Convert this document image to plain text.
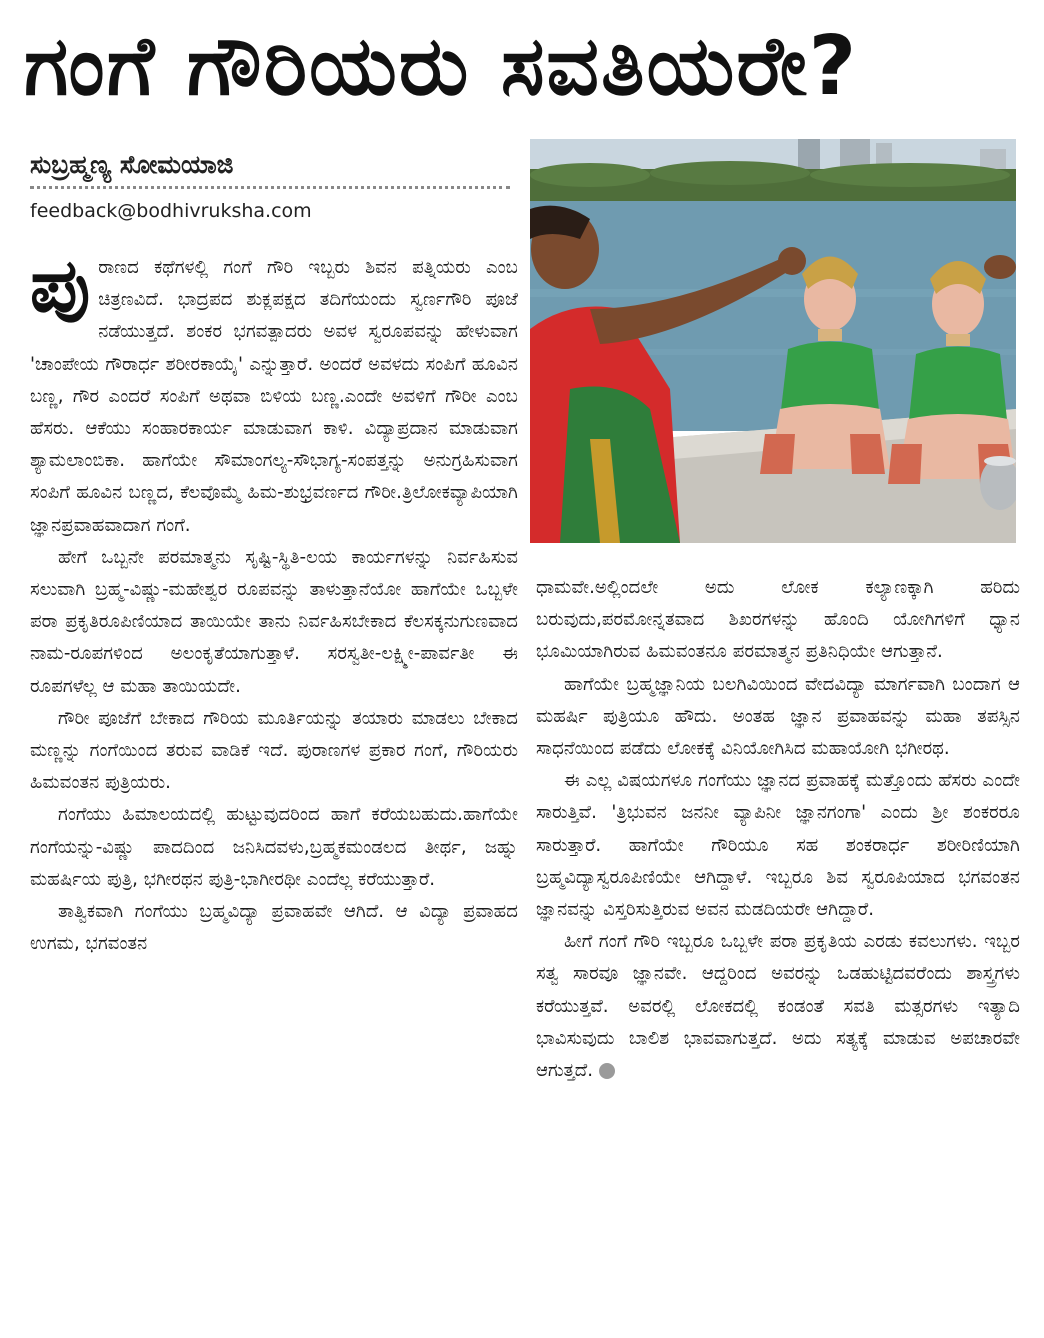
ಗಂಗೆ ಗೌರಿಯರು ಸವತಿಯರೇ?
ಸುಬ್ರಹ್ಮಣ್ಯ ಸೋಮಯಾಜಿ
feedback@bodhivruksha.com

ಪುರಾಣದ ಕಥೆಗಳಲ್ಲಿ ಗಂಗೆ ಗೌರಿ ಇಬ್ಬರು ಶಿವನ ಪತ್ನಿಯರು ಎಂಬ ಚಿತ್ರಣವಿದೆ. ಭಾದ್ರಪದ ಶುಕ್ಲಪಕ್ಷದ ತದಿಗೆಯಂದು ಸ್ವರ್ಣಗೌರಿ ಪೂಜೆ ನಡೆಯುತ್ತದೆ. ಶಂಕರ ಭಗವತ್ಪಾದರು ಅವಳ ಸ್ವರೂಪವನ್ನು ಹೇಳುವಾಗ 'ಚಾಂಪೇಯ ಗೌರಾರ್ಧ ಶರೀರಕಾಯೈ' ಎನ್ನುತ್ತಾರೆ. ಅಂದರೆ ಅವಳದು ಸಂಪಿಗೆ ಹೂವಿನ ಬಣ್ಣ, ಗೌರ ಎಂದರೆ ಸಂಪಿಗೆ ಅಥವಾ ಬಿಳಿಯ ಬಣ್ಣ.ಎಂದೇ ಅವಳಿಗೆ ಗೌರೀ ಎಂಬ ಹೆಸರು. ಆಕೆಯು ಸಂಹಾರಕಾರ್ಯ ಮಾಡುವಾಗ ಕಾಳಿ. ವಿದ್ಯಾಪ್ರದಾನ ಮಾಡುವಾಗ ಶ್ಯಾಮಲಾಂಬಿಕಾ. ಹಾಗೆಯೇ ಸೌಮಾಂಗಲ್ಯ-ಸೌಭಾಗ್ಯ-ಸಂಪತ್ತನ್ನು ಅನುಗ್ರಹಿಸುವಾಗ ಸಂಪಿಗೆ ಹೂವಿನ ಬಣ್ಣದ, ಕೆಲವೊಮ್ಮೆ ಹಿಮ-ಶುಭ್ರವರ್ಣದ ಗೌರೀ.ತ್ರಿಲೋಕವ್ಯಾಪಿಯಾಗಿ ಜ್ಞಾನಪ್ರವಾಹವಾದಾಗ ಗಂಗೆ.

ಹೇಗೆ ಒಬ್ಬನೇ ಪರಮಾತ್ಮನು ಸೃಷ್ಟಿ-ಸ್ಥಿತಿ-ಲಯ ಕಾರ್ಯಗಳನ್ನು ನಿರ್ವಹಿಸುವ ಸಲುವಾಗಿ ಬ್ರಹ್ಮ-ವಿಷ್ಣು-ಮಹೇಶ್ವರ ರೂಪವನ್ನು ತಾಳುತ್ತಾನೆಯೋ ಹಾಗೆಯೇ ಒಬ್ಬಳೇ ಪರಾ ಪ್ರಕೃತಿರೂಪಿಣಿಯಾದ ತಾಯಿಯೇ ತಾನು ನಿರ್ವಹಿಸಬೇಕಾದ ಕೆಲಸಕ್ಕನುಗುಣವಾದ ನಾಮ-ರೂಪಗಳಿಂದ ಅಲಂಕೃತೆಯಾಗುತ್ತಾಳೆ. ಸರಸ್ವತೀ-ಲಕ್ಷ್ಮೀ-ಪಾರ್ವತೀ ಈ ರೂಪಗಳೆಲ್ಲ ಆ ಮಹಾ ತಾಯಿಯದೇ.

ಗೌರೀ ಪೂಜೆಗೆ ಬೇಕಾದ ಗೌರಿಯ ಮೂರ್ತಿಯನ್ನು ತಯಾರು ಮಾಡಲು ಬೇಕಾದ ಮಣ್ಣನ್ನು ಗಂಗೆಯಿಂದ ತರುವ ವಾಡಿಕೆ ಇದೆ. ಪುರಾಣಗಳ ಪ್ರಕಾರ ಗಂಗೆ, ಗೌರಿಯರು ಹಿಮವಂತನ ಪುತ್ರಿಯರು.

ಗಂಗೆಯು ಹಿಮಾಲಯದಲ್ಲಿ ಹುಟ್ಟುವುದರಿಂದ ಹಾಗೆ ಕರೆಯಬಹುದು.ಹಾಗೆಯೇ ಗಂಗೆಯನ್ನು-ವಿಷ್ಣು ಪಾದದಿಂದ ಜನಿಸಿದವಳು,ಬ್ರಹ್ಮಕಮಂಡಲದ ತೀರ್ಥ, ಜಹ್ನು ಮಹರ್ಷಿಯ ಪುತ್ರಿ, ಭಗೀರಥನ ಪುತ್ರಿ-ಭಾಗೀರಥೀ ಎಂದೆಲ್ಲ ಕರೆಯುತ್ತಾರೆ.

ತಾತ್ವಿಕವಾಗಿ ಗಂಗೆಯು ಬ್ರಹ್ಮವಿದ್ಯಾ ಪ್ರವಾಹವೇ ಆಗಿದೆ. ಆ ವಿದ್ಯಾ ಪ್ರವಾಹದ ಉಗಮ, ಭಗವಂತನ

ಧಾಮವೇ.ಅಲ್ಲಿಂದಲೇ ಅದು ಲೋಕ ಕಲ್ಯಾಣಕ್ಕಾಗಿ ಹರಿದು ಬರುವುದು,ಪರಮೋನ್ನತವಾದ ಶಿಖರಗಳನ್ನು ಹೊಂದಿ ಯೋಗಿಗಳಿಗೆ ಧ್ಯಾನ ಭೂಮಿಯಾಗಿರುವ ಹಿಮವಂತನೂ ಪರಮಾತ್ಮನ ಪ್ರತಿನಿಧಿಯೇ ಆಗುತ್ತಾನೆ.

ಹಾಗೆಯೇ ಬ್ರಹ್ಮಜ್ಞಾನಿಯ ಬಲಗಿವಿಯಿಂದ ವೇದವಿದ್ಯಾ ಮಾರ್ಗವಾಗಿ ಬಂದಾಗ ಆ ಮಹರ್ಷಿ ಪುತ್ರಿಯೂ ಹೌದು. ಅಂತಹ ಜ್ಞಾನ ಪ್ರವಾಹವನ್ನು ಮಹಾ ತಪಸ್ಸಿನ ಸಾಧನೆಯಿಂದ ಪಡೆದು ಲೋಕಕ್ಕೆ ವಿನಿಯೋಗಿಸಿದ ಮಹಾಯೋಗಿ ಭಗೀರಥ.

ಈ ಎಲ್ಲ ವಿಷಯಗಳೂ ಗಂಗೆಯು ಜ್ಞಾನದ ಪ್ರವಾಹಕ್ಕೆ ಮತ್ತೊಂದು ಹೆಸರು ಎಂದೇ ಸಾರುತ್ತಿವೆ. 'ತ್ರಿಭುವನ ಜನನೀ ವ್ಯಾಪಿನೀ ಜ್ಞಾನಗಂಗಾ' ಎಂದು ಶ್ರೀ ಶಂಕರರೂ ಸಾರುತ್ತಾರೆ. ಹಾಗೆಯೇ ಗೌರಿಯೂ ಸಹ ಶಂಕರಾರ್ಧ ಶರೀರಿಣಿಯಾಗಿ ಬ್ರಹ್ಮವಿದ್ಯಾಸ್ವರೂಪಿಣಿಯೇ ಆಗಿದ್ದಾಳೆ. ಇಬ್ಬರೂ ಶಿವ ಸ್ವರೂಪಿಯಾದ ಭಗವಂತನ ಜ್ಞಾನವನ್ನು ವಿಸ್ತರಿಸುತ್ತಿರುವ ಅವನ ಮಡದಿಯರೇ ಆಗಿದ್ದಾರೆ.

ಹೀಗೆ ಗಂಗೆ ಗೌರಿ ಇಬ್ಬರೂ ಒಬ್ಬಳೇ ಪರಾ ಪ್ರಕೃತಿಯ ಎರಡು ಕವಲುಗಳು. ಇಬ್ಬರ ಸತ್ವ ಸಾರವೂ ಜ್ಞಾನವೇ. ಆದ್ದರಿಂದ ಅವರನ್ನು ಒಡಹುಟ್ಟಿದವರೆಂದು ಶಾಸ್ತ್ರಗಳು ಕರೆಯುತ್ತವೆ. ಅವರಲ್ಲಿ ಲೋಕದಲ್ಲಿ ಕಂಡಂತೆ ಸವತಿ ಮತ್ಸರಗಳು ಇತ್ಯಾದಿ ಭಾವಿಸುವುದು ಬಾಲಿಶ ಭಾವವಾಗುತ್ತದೆ. ಅದು ಸತ್ಯಕ್ಕೆ ಮಾಡುವ ಅಪಚಾರವೇ ಆಗುತ್ತದೆ.
